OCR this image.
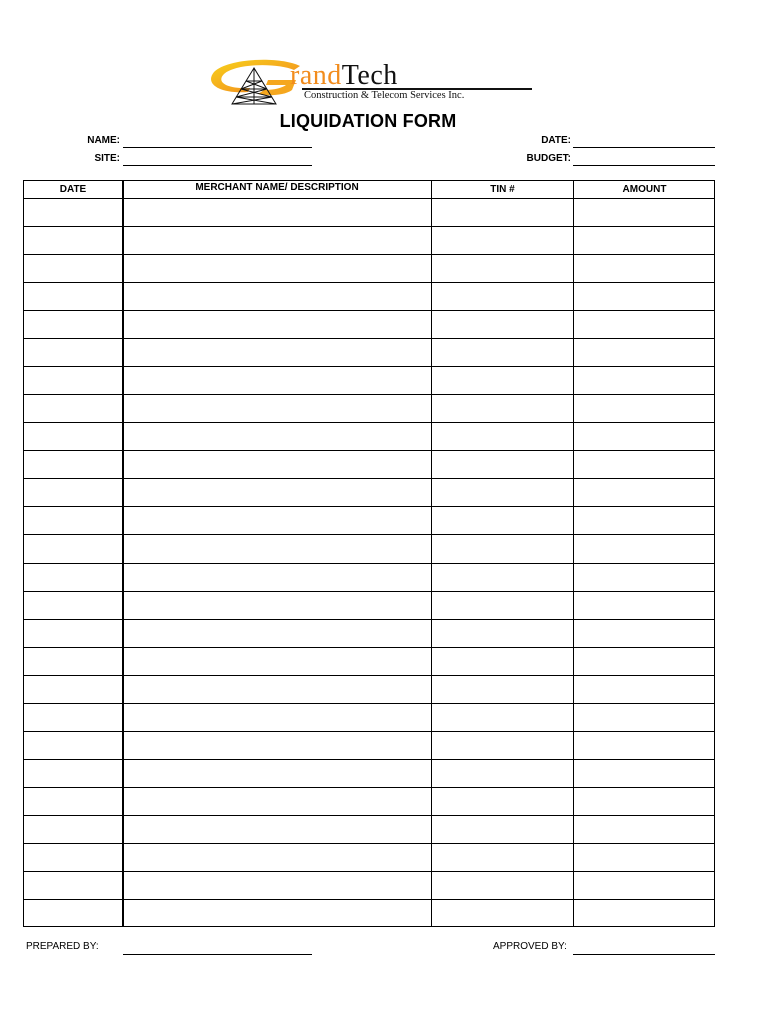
randTech
Construction & Telecom Services Inc.
LIQUIDATION FORM
NAME:
SITE:
DATE:
BUDGET:
DATE	MERCHANT NAME/ DESCRIPTION	TIN #	AMOUNT
PREPARED BY:	APPROVED BY:
